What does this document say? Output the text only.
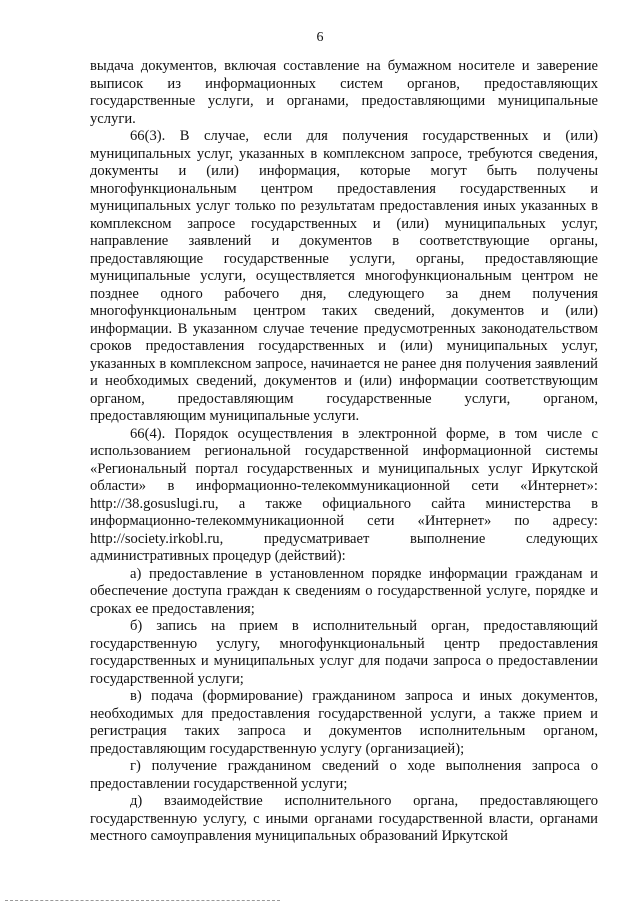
6

выдача документов, включая составление на бумажном носителе и заверение выписок из информационных систем органов, предоставляющих государственные услуги, и органами, предоставляющими муниципальные услуги.

66(3). В случае, если для получения государственных и (или) муниципальных услуг, указанных в комплексном запросе, требуются сведения, документы и (или) информация, которые могут быть получены многофункциональным центром предоставления государственных и муниципальных услуг только по результатам предоставления иных указанных в комплексном запросе государственных и (или) муниципальных услуг, направление заявлений и документов в соответствующие органы, предоставляющие государственные услуги, органы, предоставляющие муниципальные услуги, осуществляется многофункциональным центром не позднее одного рабочего дня, следующего за днем получения многофункциональным центром таких сведений, документов и (или) информации. В указанном случае течение предусмотренных законодательством сроков предоставления государственных и (или) муниципальных услуг, указанных в комплексном запросе, начинается не ранее дня получения заявлений и необходимых сведений, документов и (или) информации соответствующим органом, предоставляющим государственные услуги, органом, предоставляющим муниципальные услуги.

66(4). Порядок осуществления в электронной форме, в том числе с использованием региональной государственной информационной системы «Региональный портал государственных и муниципальных услуг Иркутской области» в информационно-телекоммуникационной сети «Интернет»: http://38.gosuslugi.ru, а также официального сайта министерства в информационно-телекоммуникационной сети «Интернет» по адресу: http://society.irkobl.ru, предусматривает выполнение следующих административных процедур (действий):

а) предоставление в установленном порядке информации гражданам и обеспечение доступа граждан к сведениям о государственной услуге, порядке и сроках ее предоставления;

б) запись на прием в исполнительный орган, предоставляющий государственную услугу, многофункциональный центр предоставления государственных и муниципальных услуг для подачи запроса о предоставлении государственной услуги;

в) подача (формирование) гражданином запроса и иных документов, необходимых для предоставления государственной услуги, а также прием и регистрация таких запроса и документов исполнительным органом, предоставляющим государственную услугу (организацией);

г) получение гражданином сведений о ходе выполнения запроса о предоставлении государственной услуги;

д) взаимодействие исполнительного органа, предоставляющего государственную услугу, с иными органами государственной власти, органами местного самоуправления муниципальных образований Иркутской
